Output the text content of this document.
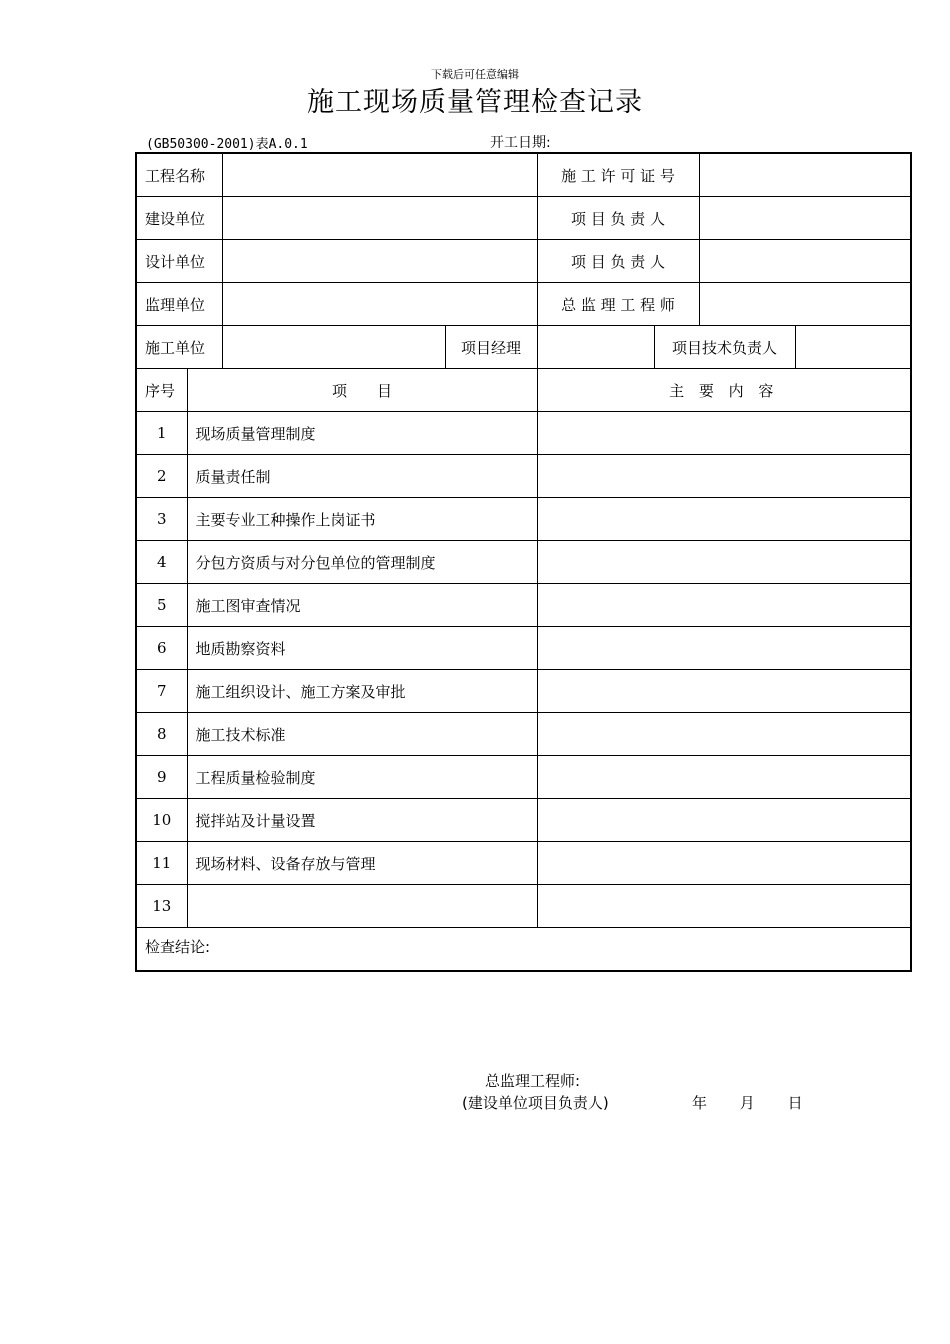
下载后可任意编辑
施工现场质量管理检查记录
(GB50300-2001)表A.0.1	开工日期:
工程名称				施 工 许 可 证 号			
建设单位				项 目 负 责 人			
设计单位				项 目 负 责 人			
监理单位				总 监 理 工 程 师			
施工单位			项目经理		项目技术负责人		
序号	项　　目			主 要 内 容			
1	现场质量管理制度						
2	质量责任制						
3	主要专业工种操作上岗证书						
4	分包方资质与对分包单位的管理制度						
5	施工图审查情况						
6	地质勘察资料						
7	施工组织设计、施工方案及审批						
8	施工技术标准						
9	工程质量检验制度						
10	搅拌站及计量设置						
11	现场材料、设备存放与管理						
13							

检查结论:
总监理工程师:
(建设单位项目负责人) 年 月 日							
